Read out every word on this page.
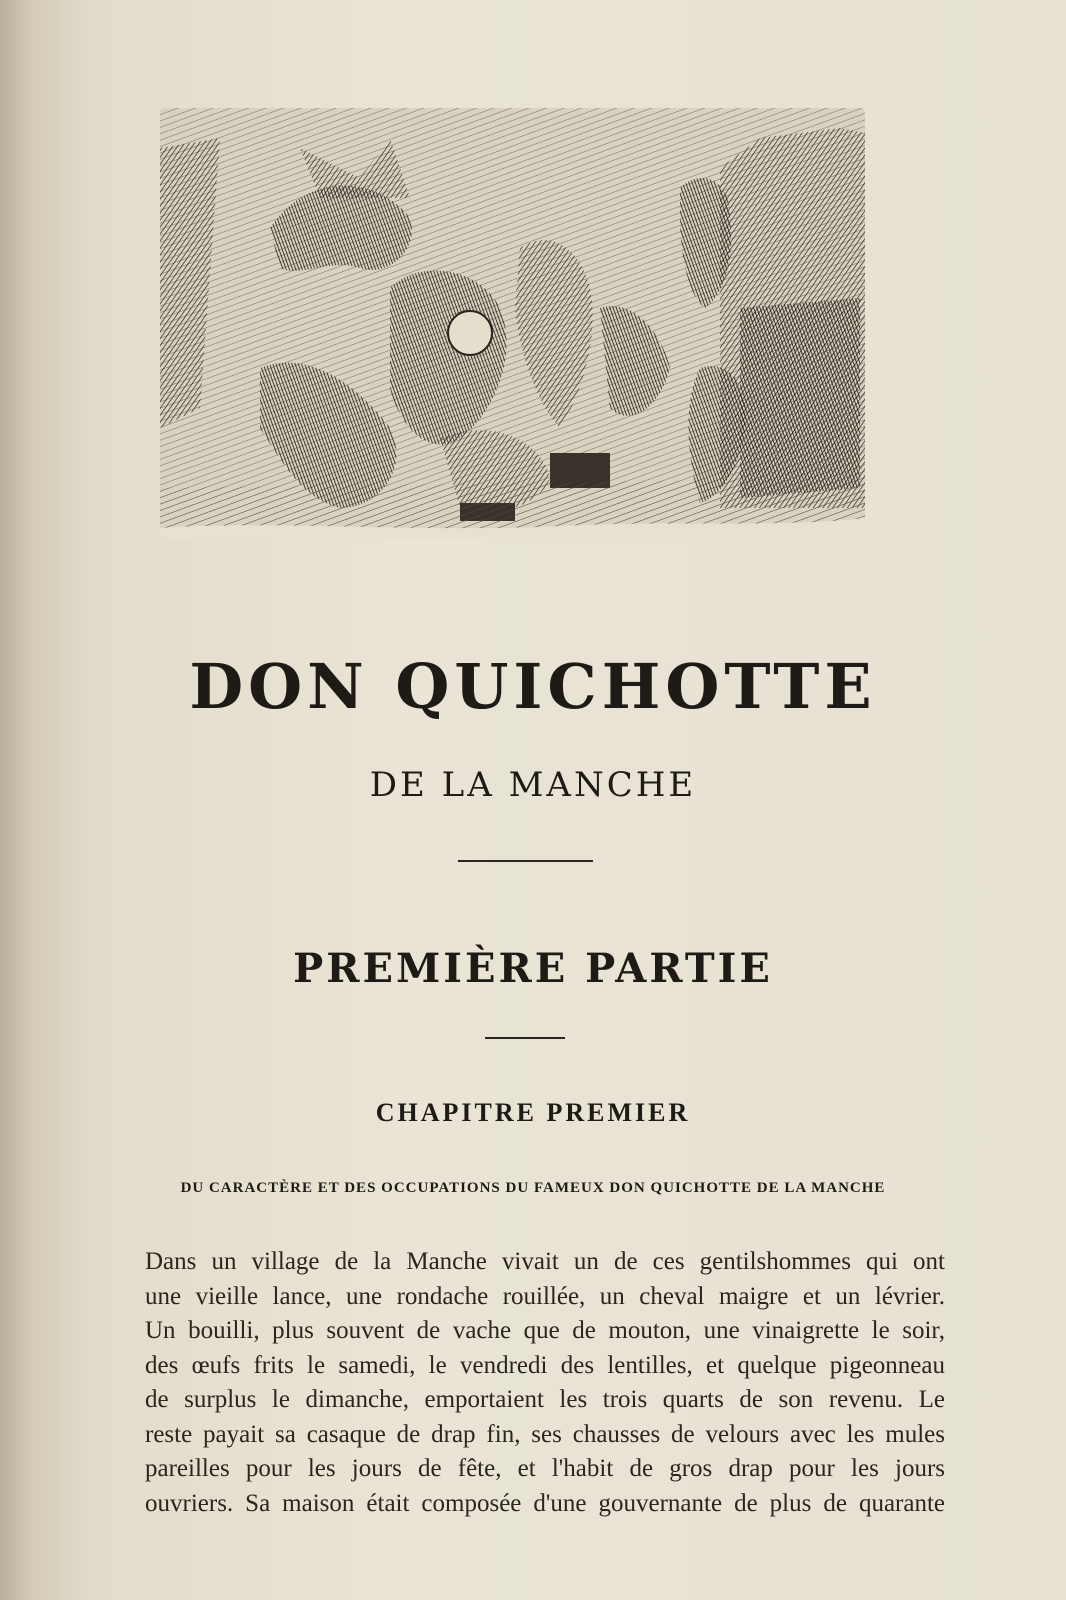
DON QUICHOTTE
DE LA MANCHE
PREMIÈRE PARTIE
CHAPITRE PREMIER
DU CARACTÈRE ET DES OCCUPATIONS DU FAMEUX DON QUICHOTTE DE LA MANCHE
Dans un village de la Manche vivait un de ces gentilshommes qui ont
une vieille lance, une rondache rouillée, un cheval maigre et un lévrier.
Un bouilli, plus souvent de vache que de mouton, une vinaigrette le soir,
des œufs frits le samedi, le vendredi des lentilles, et quelque pigeonneau
de surplus le dimanche, emportaient les trois quarts de son revenu. Le
reste payait sa casaque de drap fin, ses chausses de velours avec les mules
pareilles pour les jours de fête, et l'habit de gros drap pour les jours
ouvriers. Sa maison était composée d'une gouvernante de plus de quarante
